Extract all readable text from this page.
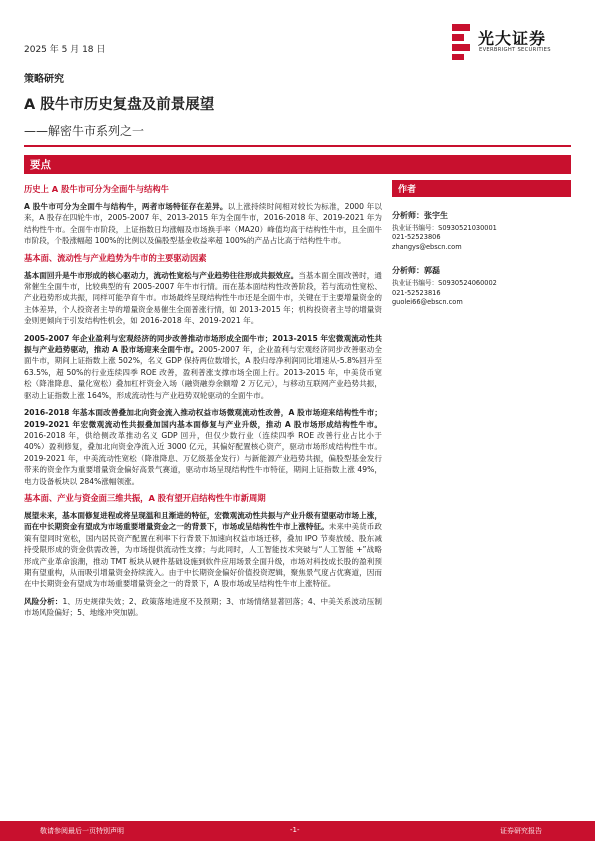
2025 年 5 月 18 日
光大证券
EVERBRIGHT SECURITIES
策略研究
A 股牛市历史复盘及前景展望
——解密牛市系列之一
要点
历史上 A 股牛市可分为全面牛与结构牛
A 股牛市可分为全面牛与结构牛，两者市场特征存在差异。以上涨持续时间相对较长为标准，2000 年以来，A 股存在四轮牛市，2005-2007 年、2013-2015 年为全面牛市，2016-2018 年、2019-2021 年为结构性牛市。全面牛市阶段，上证指数日均涨幅及市场换手率（MA20）峰值均高于结构性牛市，且全面牛市阶段，个股涨幅超 100%的比例以及偏股型基金收益率超 100%的产品占比高于结构性牛市。
基本面、流动性与产业趋势为牛市的主要驱动因素
基本面回升是牛市形成的核心驱动力，流动性宽松与产业趋势往往形成共振效应。当基本面全面改善时，通常催生全面牛市，比较典型的有 2005-2007 年牛市行情。而在基本面结构性改善阶段，若与流动性宽松、产业趋势形成共振，同样可能孕育牛市。市场最终呈现结构性牛市还是全面牛市，关键在于主要增量资金的主体差异，个人投资者主导的增量资金易催生全面普涨行情，如 2013-2015 年；机构投资者主导的增量资金则更倾向于引发结构性机会，如 2016-2018 年、2019-2021 年。
2005-2007 年企业盈利与宏观经济的同步改善推动市场形成全面牛市；2013-2015 年宏微观流动性共振与产业趋势驱动，推动 A 股市场迎来全面牛市。2005-2007 年，企业盈利与宏观经济同步改善驱动全面牛市，期间上证指数上涨 502%，名义 GDP 保持两位数增长，A 股归母净利润同比增速从-5.8%回升至 63.5%，超 50%的行业连续四季 ROE 改善，盈利普涨支撑市场全面上行。2013-2015 年，中美货币宽松（降准降息、量化宽松）叠加杠杆资金入场（融资融券余额增 2 万亿元），与移动互联网产业趋势共振，驱动上证指数上涨 164%，形成流动性与产业趋势双轮驱动的全面牛市。
2016-2018 年基本面改善叠加北向资金流入推动权益市场微观流动性改善，A 股市场迎来结构性牛市；2019-2021 年宏微观流动性共振叠加国内基本面修复与产业升级，推动 A 股市场形成结构性牛市。2016-2018 年，供给侧改革推动名义 GDP 回升，但仅少数行业（连续四季 ROE 改善行业占比小于 40%）盈利修复，叠加北向资金净流入近 3000 亿元，其偏好配置核心资产，驱动市场形成结构性牛市。2019-2021 年，中美流动性宽松（降准降息、万亿级基金发行）与新能源产业趋势共振，偏股型基金发行带来的资金作为重要增量资金偏好高景气赛道，驱动市场呈现结构性牛市特征，期间上证指数上涨 49%，电力设备板块以 284%涨幅领涨。
基本面、产业与资金面三维共振，A 股有望开启结构性牛市新周期
展望未来，基本面修复进程或将呈现温和且渐进的特征，宏微观流动性共振与产业升级有望驱动市场上涨，而在中长期资金有望成为市场重要增量资金之一的背景下，市场或呈结构性牛市上涨特征。未来中美货币政策有望同时宽松，国内居民资产配置在利率下行背景下加速向权益市场迁移，叠加 IPO 节奏放缓、股东减持受限形成的资金供需改善，为市场提供流动性支撑；与此同时，人工智能技术突破与“人工智能 +”战略形成产业革命浪潮，推动 TMT 板块从硬件基础设施到软件应用场景全面升级，市场对科技成长股的盈利预期有望重构，从而吸引增量资金持续流入。由于中长期资金偏好价值投资逻辑，聚焦景气度占优赛道，因而在中长期资金有望成为市场重要增量资金之一的背景下，A 股市场或呈结构性牛市上涨特征。
风险分析：1、历史规律失效；2、政策落地进度不及预期；3、市场情绪显著回落；4、中美关系波动压制市场风险偏好；5、地缘冲突加剧。
作者
分析师：张宇生
执业证书编号：S0930521030001
021-52523806
zhangys@ebscn.com
分析师：郭磊
执业证书编号：S0930524060002
021-52523816
guolei66@ebscn.com
敬请参阅最后一页特别声明	-1-	证券研究报告
